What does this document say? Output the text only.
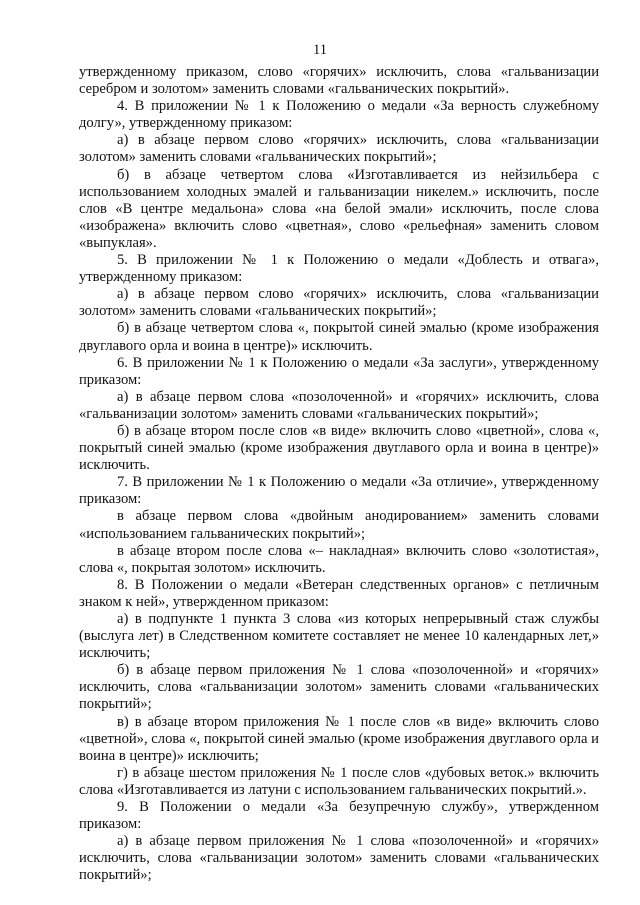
11

утвержденному приказом, слово «горячих» исключить, слова «гальванизации серебром и золотом» заменить словами «гальванических покрытий».

4. В приложении № 1 к Положению о медали «За верность служебному долгу», утвержденному приказом:

а) в абзаце первом слово «горячих» исключить, слова «гальванизации золотом» заменить словами «гальванических покрытий»;

б) в абзаце четвертом слова «Изготавливается из нейзильбера с использованием холодных эмалей и гальванизации никелем.» исключить, после слов «В центре медальона» слова «на белой эмали» исключить, после слова «изображена» включить слово «цветная», слово «рельефная» заменить словом «выпуклая».

5. В приложении № 1 к Положению о медали «Доблесть и отвага», утвержденному приказом:

а) в абзаце первом слово «горячих» исключить, слова «гальванизации золотом» заменить словами «гальванических покрытий»;

б) в абзаце четвертом слова «, покрытой синей эмалью (кроме изображения двуглавого орла и воина в центре)» исключить.

6. В приложении № 1 к Положению о медали «За заслуги», утвержденному приказом:

а) в абзаце первом слова «позолоченной» и «горячих» исключить, слова «гальванизации золотом» заменить словами «гальванических покрытий»;

б) в абзаце втором после слов «в виде» включить слово «цветной», слова «, покрытый синей эмалью (кроме изображения двуглавого орла и воина в центре)» исключить.

7. В приложении № 1 к Положению о медали «За отличие», утвержденному приказом:

в абзаце первом слова «двойным анодированием» заменить словами «использованием гальванических покрытий»;

в абзаце втором после слова «– накладная» включить слово «золотистая», слова «, покрытая золотом» исключить.

8. В Положении о медали «Ветеран следственных органов» с петличным знаком к ней», утвержденном приказом:

а) в подпункте 1 пункта 3 слова «из которых непрерывный стаж службы (выслуга лет) в Следственном комитете составляет не менее 10 календарных лет,» исключить;

б) в абзаце первом приложения № 1 слова «позолоченной» и «горячих» исключить, слова «гальванизации золотом» заменить словами «гальванических покрытий»;

в) в абзаце втором приложения № 1 после слов «в виде» включить слово «цветной», слова «, покрытой синей эмалью (кроме изображения двуглавого орла и воина в центре)» исключить;

г) в абзаце шестом приложения № 1 после слов «дубовых веток.» включить слова «Изготавливается из латуни с использованием гальванических покрытий.».

9. В Положении о медали «За безупречную службу», утвержденном приказом:

а) в абзаце первом приложения № 1 слова «позолоченной» и «горячих» исключить, слова «гальванизации золотом» заменить словами «гальванических покрытий»;
